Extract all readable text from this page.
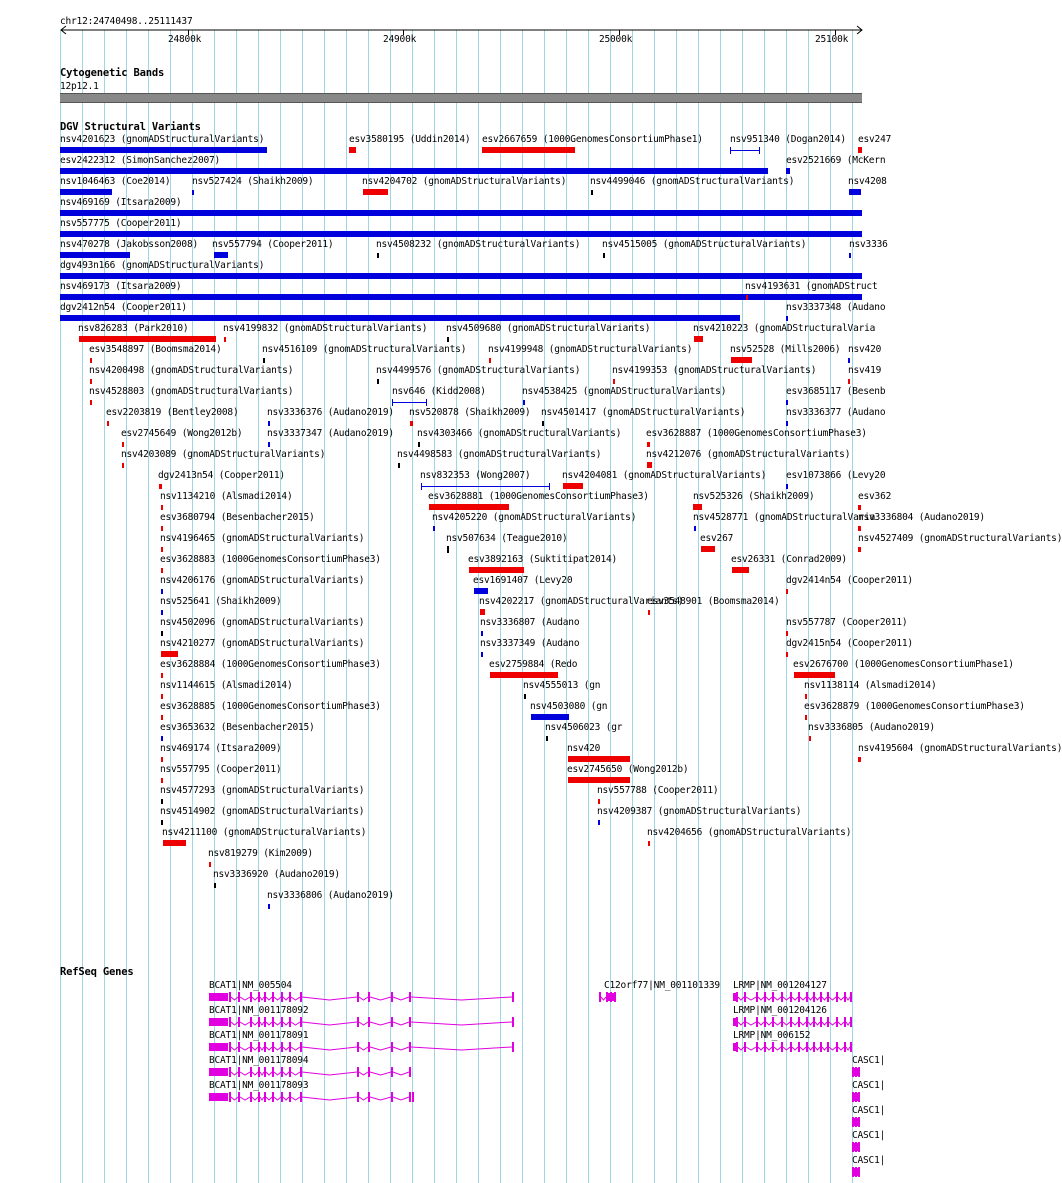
chr12:24740498..25111437
24800k	24900k	25000k	25100k
Cytogenetic Bands
12p12.1
DGV Structural Variants
nsv4201623 (gnomADStructuralVariants)	esv3580195 (Uddin2014) esv2667659 (1000GenomesConsortiumPhase1)	nsv951340 (Dogan2014) esv247
esv2422312 (SimonSanchez2007)	esv2521669 (McKern
nsv1046463 (Coe2014) nsv527424 (Shaikh2009)	nsv4204702 (gnomADStructuralVariants)	nsv4499046 (gnomADStructuralVariants)	nsv4208
nsv469169 (Itsara2009)
nsv557775 (Cooper2011)
nsv470278 (Jakobsson2008) nsv557794 (Cooper2011)	nsv4508232 (gnomADStructuralVariants) nsv4515005 (gnomADStructuralVariants)	nsv3336
dgv493n166 (gnomADStructuralVariants)
nsv469173 (Itsara2009)	nsv4193631 (gnomADStruct
dgv2412n54 (Cooper2011)	nsv3337348 (Audano
nsv826283 (Park2010)	nsv4199832 (gnomADStructuralVariants) nsv4509680 (gnomADStructuralVariants)	nsv4210223 (gnomADStructuralVaria
esv3548897 (Boomsma2014)	nsv4516109 (gnomADStructuralVariants) nsv4199948 (gnomADStructuralVariants)	nsv52528 (Mills2006) nsv420
nsv4200498 (gnomADStructuralVariants)	nsv4499576 (gnomADStructuralVariants)	nsv4199353 (gnomADStructuralVariants)	nsv419
nsv4528803 (gnomADStructuralVariants)	nsv646 (Kidd2008)	nsv4538425 (gnomADStructuralVariants)	esv3685117 (Besenb
esv2203819 (Bentley2008)	nsv3336376 (Audano2019) nsv520878 (Shaikh2009) nsv4501417 (gnomADStructuralVariants)	nsv3336377 (Audano
esv2745649 (Wong2012b)	nsv3337347 (Audano2019) nsv4303466 (gnomADStructuralVariants)	esv3628887 (1000GenomesConsortiumPhase3)
nsv4203089 (gnomADStructuralVariants)	nsv4498583 (gnomADStructuralVariants)	nsv4212076 (gnomADStructuralVariants)
dgv2413n54 (Cooper2011)	nsv832353 (Wong2007)	nsv4204081 (gnomADStructuralVariants) esv1073866 (Levy20
nsv1134210 (Alsmadi2014)	esv3628881 (1000GenomesConsortiumPhase3)	nsv525326 (Shaikh2009)	esv362
esv3680794 (Besenbacher2015)	nsv4205220 (gnomADStructuralVariants)	nsv4528771 (gnomADStructuralVaria
nsv3336804 (Audano2019)
nsv4196465 (gnomADStructuralVariants)	nsv507634 (Teague2010)	esv267	nsv4527409 (gnomADStructuralVariants)
esv3628883 (1000GenomesConsortiumPhase3)	esv3892163 (Suktitipat2014)	esv26331 (Conrad2009)
nsv4206176 (gnomADStructuralVariants)	esv1691407 (Levy20	dgv2414n54 (Cooper2011)
nsv525641 (Shaikh2009)	nsv4202217 (gnomADStructuralVariants)
esv3548901 (Boomsma2014)
nsv4502096 (gnomADStructuralVariants)	nsv3336807 (Audano	nsv557787 (Cooper2011)
nsv4210277 (gnomADStructuralVariants)	nsv3337349 (Audano	dgv2415n54 (Cooper2011)
esv3628884 (1000GenomesConsortiumPhase3)	esv2759884 (Redo	esv2676700 (1000GenomesConsortiumPhase1)
nsv1144615 (Alsmadi2014)	nsv4555013 (gn	nsv1138114 (Alsmadi2014)
esv3628885 (1000GenomesConsortiumPhase3)	nsv4503080 (gn	esv3628879 (1000GenomesConsortiumPhase3)
esv3653632 (Besenbacher2015)	nsv4506023 (gr	nsv3336805 (Audano2019)
nsv469174 (Itsara2009)	nsv420	nsv4195604 (gnomADStructuralVariants)
nsv557795 (Cooper2011)	esv2745650 (Wong2012b)
nsv4577293 (gnomADStructuralVariants)	nsv557788 (Cooper2011)
nsv4514902 (gnomADStructuralVariants)	nsv4209387 (gnomADStructuralVariants)
nsv4211100 (gnomADStructuralVariants)	nsv4204656 (gnomADStructuralVariants)
nsv819279 (Kim2009)
nsv3336920 (Audano2019)
nsv3336806 (Audano2019)
RefSeq Genes
BCAT1|NM_005504
BCAT1|NM_001178092
BCAT1|NM_001178091
BCAT1|NM_001178094
BCAT1|NM_001178093
C12orf77|NM_001101339 LRMP|NM_001204127
LRMP|NM_001204126
LRMP|NM_006152
CASC1|
CASC1|
CASC1|
CASC1|
CASC1|
